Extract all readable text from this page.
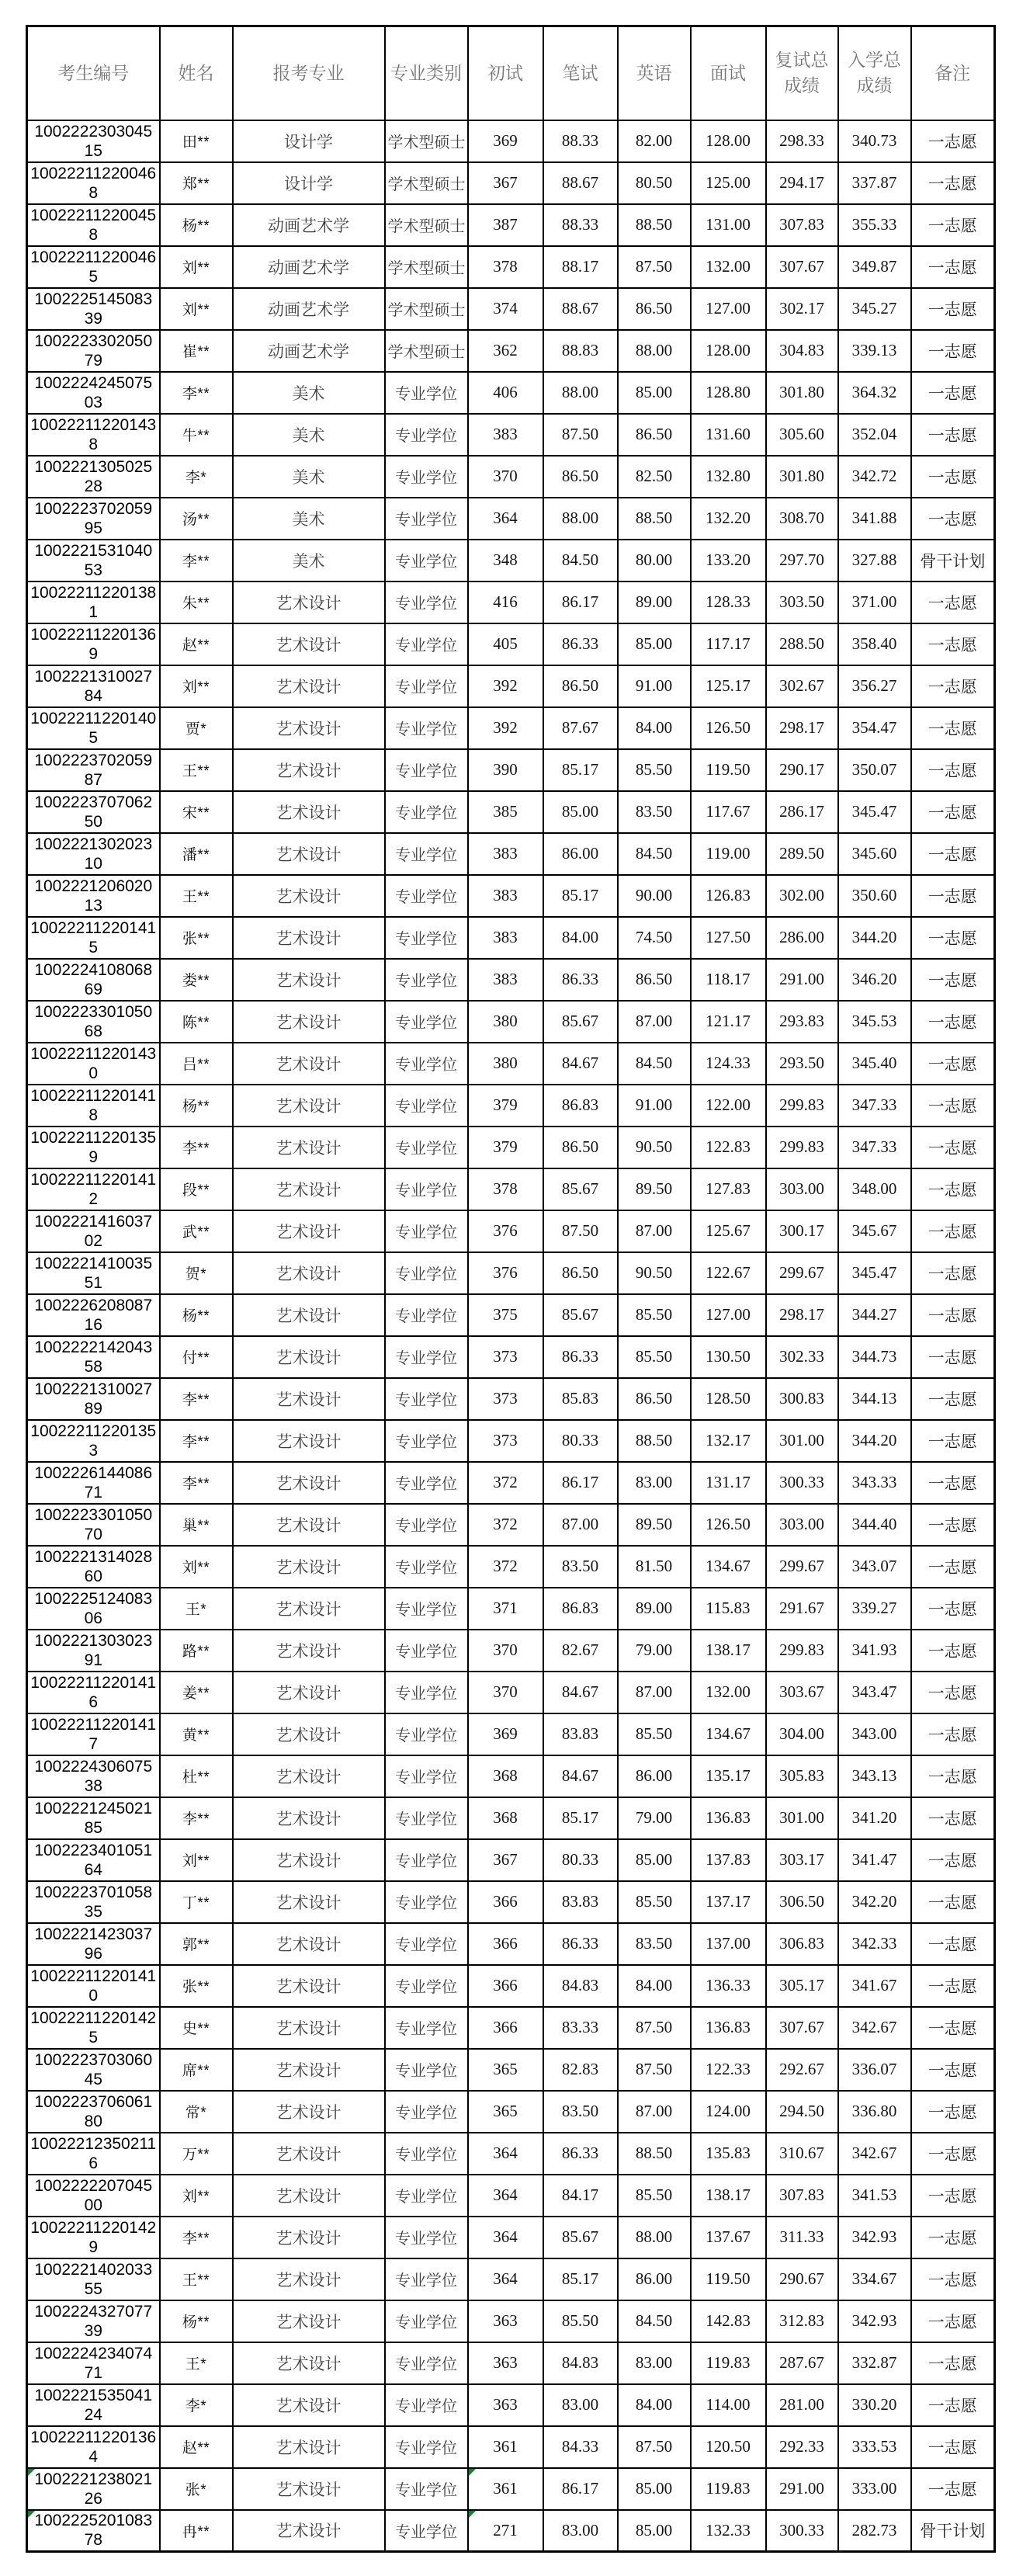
考生编号	姓名	报考专业	专业类别	初试	笔试	英语	面试	复试总成绩	入学总成绩	备注
100222230304515	田**	设计学	学术型硕士	369	88.33	82.00	128.00	298.33	340.73	一志愿
100222112200468	郑**	设计学	学术型硕士	367	88.67	80.50	125.00	294.17	337.87	一志愿
100222112200458	杨**	动画艺术学	学术型硕士	387	88.33	88.50	131.00	307.83	355.33	一志愿
100222112200465	刘**	动画艺术学	学术型硕士	378	88.17	87.50	132.00	307.67	349.87	一志愿
100222514508339	刘**	动画艺术学	学术型硕士	374	88.67	86.50	127.00	302.17	345.27	一志愿
100222330205079	崔**	动画艺术学	学术型硕士	362	88.83	88.00	128.00	304.83	339.13	一志愿
100222424507503	李**	美术	专业学位	406	88.00	85.00	128.80	301.80	364.32	一志愿
100222112201438	牛**	美术	专业学位	383	87.50	86.50	131.60	305.60	352.04	一志愿
100222130502528	李*	美术	专业学位	370	86.50	82.50	132.80	301.80	342.72	一志愿
100222370205995	汤**	美术	专业学位	364	88.00	88.50	132.20	308.70	341.88	一志愿
100222153104053	李**	美术	专业学位	348	84.50	80.00	133.20	297.70	327.88	骨干计划
100222112201381	朱**	艺术设计	专业学位	416	86.17	89.00	128.33	303.50	371.00	一志愿
100222112201369	赵**	艺术设计	专业学位	405	86.33	85.00	117.17	288.50	358.40	一志愿
100222131002784	刘**	艺术设计	专业学位	392	86.50	91.00	125.17	302.67	356.27	一志愿
100222112201405	贾*	艺术设计	专业学位	392	87.67	84.00	126.50	298.17	354.47	一志愿
100222370205987	王**	艺术设计	专业学位	390	85.17	85.50	119.50	290.17	350.07	一志愿
100222370706250	宋**	艺术设计	专业学位	385	85.00	83.50	117.67	286.17	345.47	一志愿
100222130202310	潘**	艺术设计	专业学位	383	86.00	84.50	119.00	289.50	345.60	一志愿
100222120602013	王**	艺术设计	专业学位	383	85.17	90.00	126.83	302.00	350.60	一志愿
100222112201415	张**	艺术设计	专业学位	383	84.00	74.50	127.50	286.00	344.20	一志愿
100222410806869	娄**	艺术设计	专业学位	383	86.33	86.50	118.17	291.00	346.20	一志愿
100222330105068	陈**	艺术设计	专业学位	380	85.67	87.00	121.17	293.83	345.53	一志愿
100222112201430	吕**	艺术设计	专业学位	380	84.67	84.50	124.33	293.50	345.40	一志愿
100222112201418	杨**	艺术设计	专业学位	379	86.83	91.00	122.00	299.83	347.33	一志愿
100222112201359	李**	艺术设计	专业学位	379	86.50	90.50	122.83	299.83	347.33	一志愿
100222112201412	段**	艺术设计	专业学位	378	85.67	89.50	127.83	303.00	348.00	一志愿
100222141603702	武**	艺术设计	专业学位	376	87.50	87.00	125.67	300.17	345.67	一志愿
100222141003551	贺*	艺术设计	专业学位	376	86.50	90.50	122.67	299.67	345.47	一志愿
100222620808716	杨**	艺术设计	专业学位	375	85.67	85.50	127.00	298.17	344.27	一志愿
100222214204358	付**	艺术设计	专业学位	373	86.33	85.50	130.50	302.33	344.73	一志愿
100222131002789	李**	艺术设计	专业学位	373	85.83	86.50	128.50	300.83	344.13	一志愿
100222112201353	李**	艺术设计	专业学位	373	80.33	88.50	132.17	301.00	344.20	一志愿
100222614408671	李**	艺术设计	专业学位	372	86.17	83.00	131.17	300.33	343.33	一志愿
100222330105070	巢**	艺术设计	专业学位	372	87.00	89.50	126.50	303.00	344.40	一志愿
100222131402860	刘**	艺术设计	专业学位	372	83.50	81.50	134.67	299.67	343.07	一志愿
100222512408306	王*	艺术设计	专业学位	371	86.83	89.00	115.83	291.67	339.27	一志愿
100222130302391	路**	艺术设计	专业学位	370	82.67	79.00	138.17	299.83	341.93	一志愿
100222112201416	姜**	艺术设计	专业学位	370	84.67	87.00	132.00	303.67	343.47	一志愿
100222112201417	黄**	艺术设计	专业学位	369	83.83	85.50	134.67	304.00	343.00	一志愿
100222430607538	杜**	艺术设计	专业学位	368	84.67	86.00	135.17	305.83	343.13	一志愿
100222124502185	李**	艺术设计	专业学位	368	85.17	79.00	136.83	301.00	341.20	一志愿
100222340105164	刘**	艺术设计	专业学位	367	80.33	85.00	137.83	303.17	341.47	一志愿
100222370105835	丁**	艺术设计	专业学位	366	83.83	85.50	137.17	306.50	342.20	一志愿
100222142303796	郭**	艺术设计	专业学位	366	86.33	83.50	137.00	306.83	342.33	一志愿
100222112201410	张**	艺术设计	专业学位	366	84.83	84.00	136.33	305.17	341.67	一志愿
100222112201425	史**	艺术设计	专业学位	366	83.33	87.50	136.83	307.67	342.67	一志愿
100222370306045	席**	艺术设计	专业学位	365	82.83	87.50	122.33	292.67	336.07	一志愿
100222370606180	常*	艺术设计	专业学位	365	83.50	87.00	124.00	294.50	336.80	一志愿
100222123502116	万**	艺术设计	专业学位	364	86.33	88.50	135.83	310.67	342.67	一志愿
100222220704500	刘**	艺术设计	专业学位	364	84.17	85.50	138.17	307.83	341.53	一志愿
100222112201429	李**	艺术设计	专业学位	364	85.67	88.00	137.67	311.33	342.93	一志愿
100222140203355	王**	艺术设计	专业学位	364	85.17	86.00	119.50	290.67	334.67	一志愿
100222432707739	杨**	艺术设计	专业学位	363	85.50	84.50	142.83	312.83	342.93	一志愿
100222423407471	王*	艺术设计	专业学位	363	84.83	83.00	119.83	287.67	332.87	一志愿
100222153504124	李*	艺术设计	专业学位	363	83.00	84.00	114.00	281.00	330.20	一志愿
100222112201364	赵**	艺术设计	专业学位	361	84.33	87.50	120.50	292.33	333.53	一志愿
100222123802126	张*	艺术设计	专业学位	361	86.17	85.00	119.83	291.00	333.00	一志愿
100222520108378	冉**	艺术设计	专业学位	271	83.00	85.00	132.33	300.33	282.73	骨干计划
